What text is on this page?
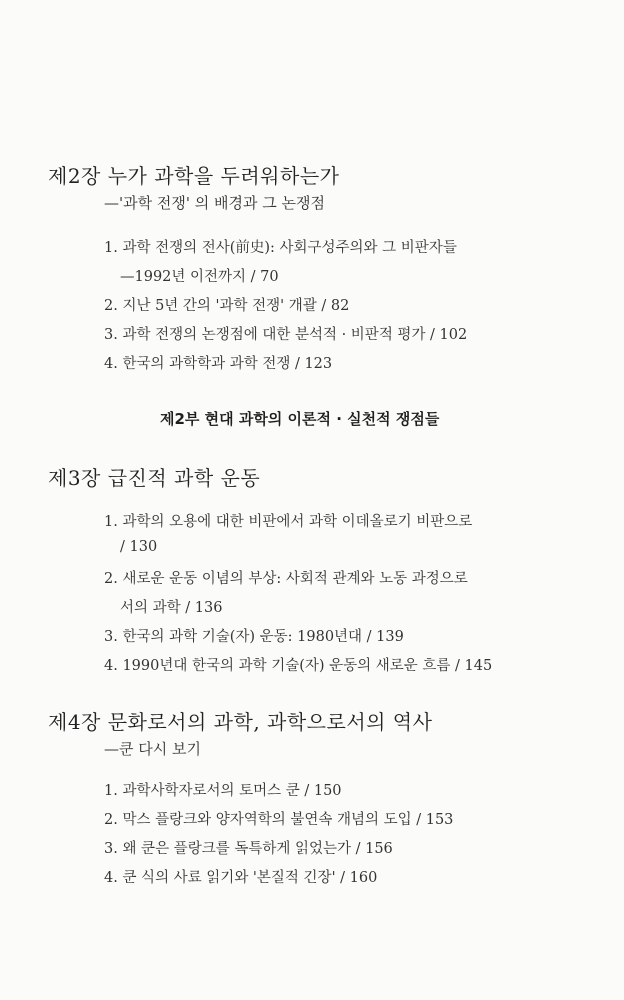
제2장 누가 과학을 두려워하는가
—'과학 전쟁' 의 배경과 그 논쟁점
1. 과학 전쟁의 전사(前史): 사회구성주의와 그 비판자들
—1992년 이전까지 / 70
2. 지난 5년 간의 '과학 전쟁' 개괄 / 82
3. 과학 전쟁의 논쟁점에 대한 분석적 · 비판적 평가 / 102
4. 한국의 과학학과 과학 전쟁 / 123
제2부 현대 과학의 이론적 · 실천적 쟁점들
제3장 급진적 과학 운동
1. 과학의 오용에 대한 비판에서 과학 이데올로기 비판으로
/ 130
2. 새로운 운동 이념의 부상: 사회적 관계와 노동 과정으로
서의 과학 / 136
3. 한국의 과학 기술(자) 운동: 1980년대 / 139
4. 1990년대 한국의 과학 기술(자) 운동의 새로운 흐름 / 145
제4장 문화로서의 과학, 과학으로서의 역사
—쿤 다시 보기
1. 과학사학자로서의 토머스 쿤 / 150
2. 막스 플랑크와 양자역학의 불연속 개념의 도입 / 153
3. 왜 쿤은 플랑크를 독특하게 읽었는가 / 156
4. 쿤 식의 사료 읽기와 '본질적 긴장' / 160
